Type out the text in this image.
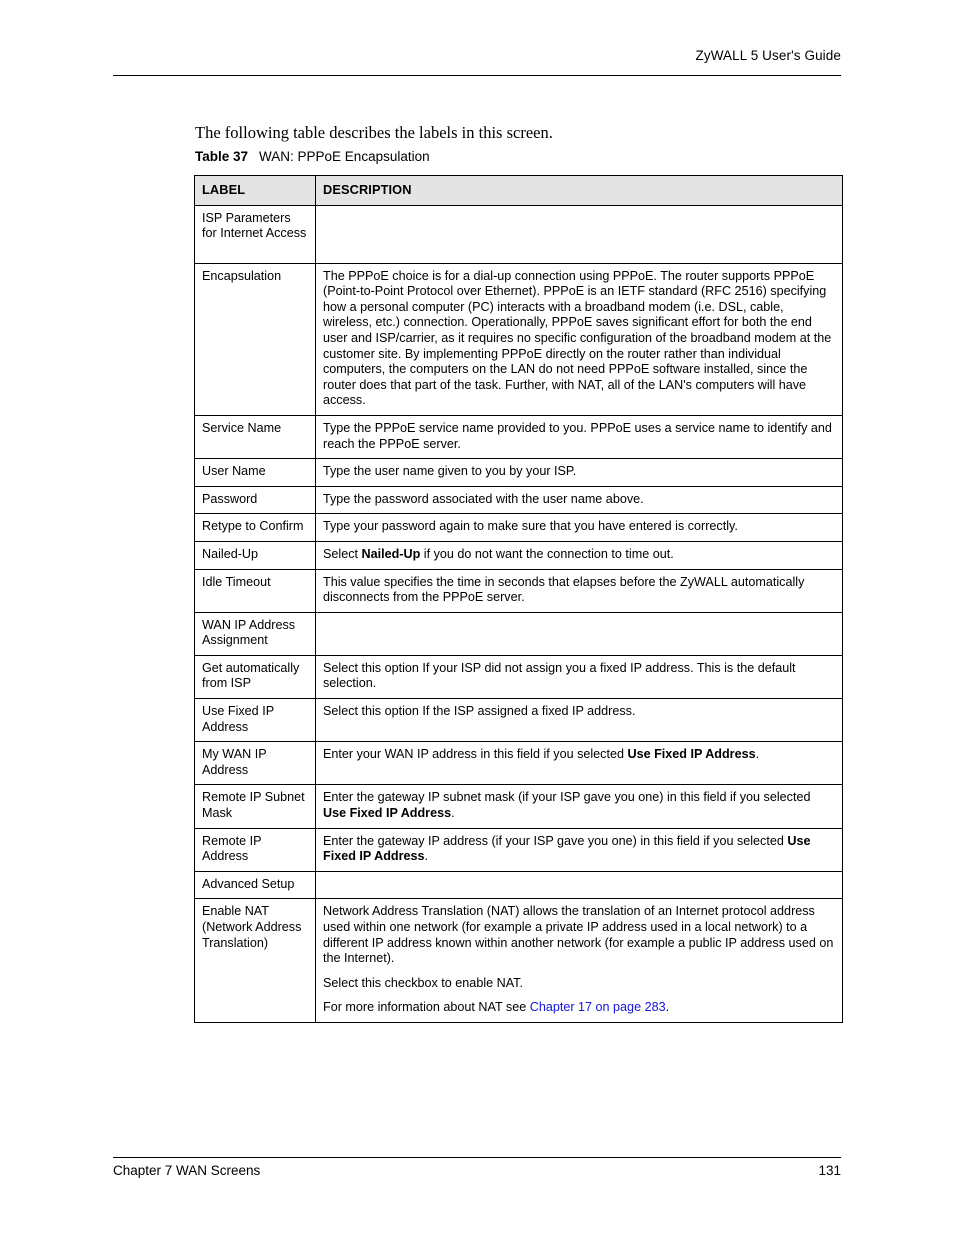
ZyWALL 5 User's Guide

The following table describes the labels in this screen.

Table 37 WAN: PPPoE Encapsulation
LABEL	DESCRIPTION
ISP Parameters for Internet Access	

Encapsulation	The PPPoE choice is for a dial-up connection using PPPoE. The router supports PPPoE (Point-to-Point Protocol over Ethernet). PPPoE is an IETF standard (RFC 2516) specifying how a personal computer (PC) interacts with a broadband modem (i.e. DSL, cable, wireless, etc.) connection. Operationally, PPPoE saves significant effort for both the end user and ISP/carrier, as it requires no specific configuration of the broadband modem at the customer site. By implementing PPPoE directly on the router rather than individual computers, the computers on the LAN do not need PPPoE software installed, since the router does that part of the task. Further, with NAT, all of the LAN's computers will have access.

Service Name	Type the PPPoE service name provided to you. PPPoE uses a service name to identify and reach the PPPoE server.

User Name	Type the user name given to you by your ISP.

Password	Type the password associated with the user name above.

Retype to Confirm	Type your password again to make sure that you have entered is correctly.

Nailed-Up	Select Nailed-Up if you do not want the connection to time out.

Idle Timeout	This value specifies the time in seconds that elapses before the ZyWALL automatically disconnects from the PPPoE server.

WAN IP Address Assignment	

Get automatically from ISP	Select this option If your ISP did not assign you a fixed IP address. This is the default selection.

Use Fixed IP Address	Select this option If the ISP assigned a fixed IP address.

My WAN IP Address	Enter your WAN IP address in this field if you selected Use Fixed IP Address.

Remote IP Subnet Mask	Enter the gateway IP subnet mask (if your ISP gave you one) in this field if you selected Use Fixed IP Address.

Remote IP Address	Enter the gateway IP address (if your ISP gave you one) in this field if you selected Use Fixed IP Address.

Advanced Setup	

Enable NAT (Network Address Translation)	Network Address Translation (NAT) allows the translation of an Internet protocol address used within one network (for example a private IP address used in a local network) to a different IP address known within another network (for example a public IP address used on the Internet).

Select this checkbox to enable NAT.

For more information about NAT see Chapter 17 on page 283.

Chapter 7 WAN Screens	131
